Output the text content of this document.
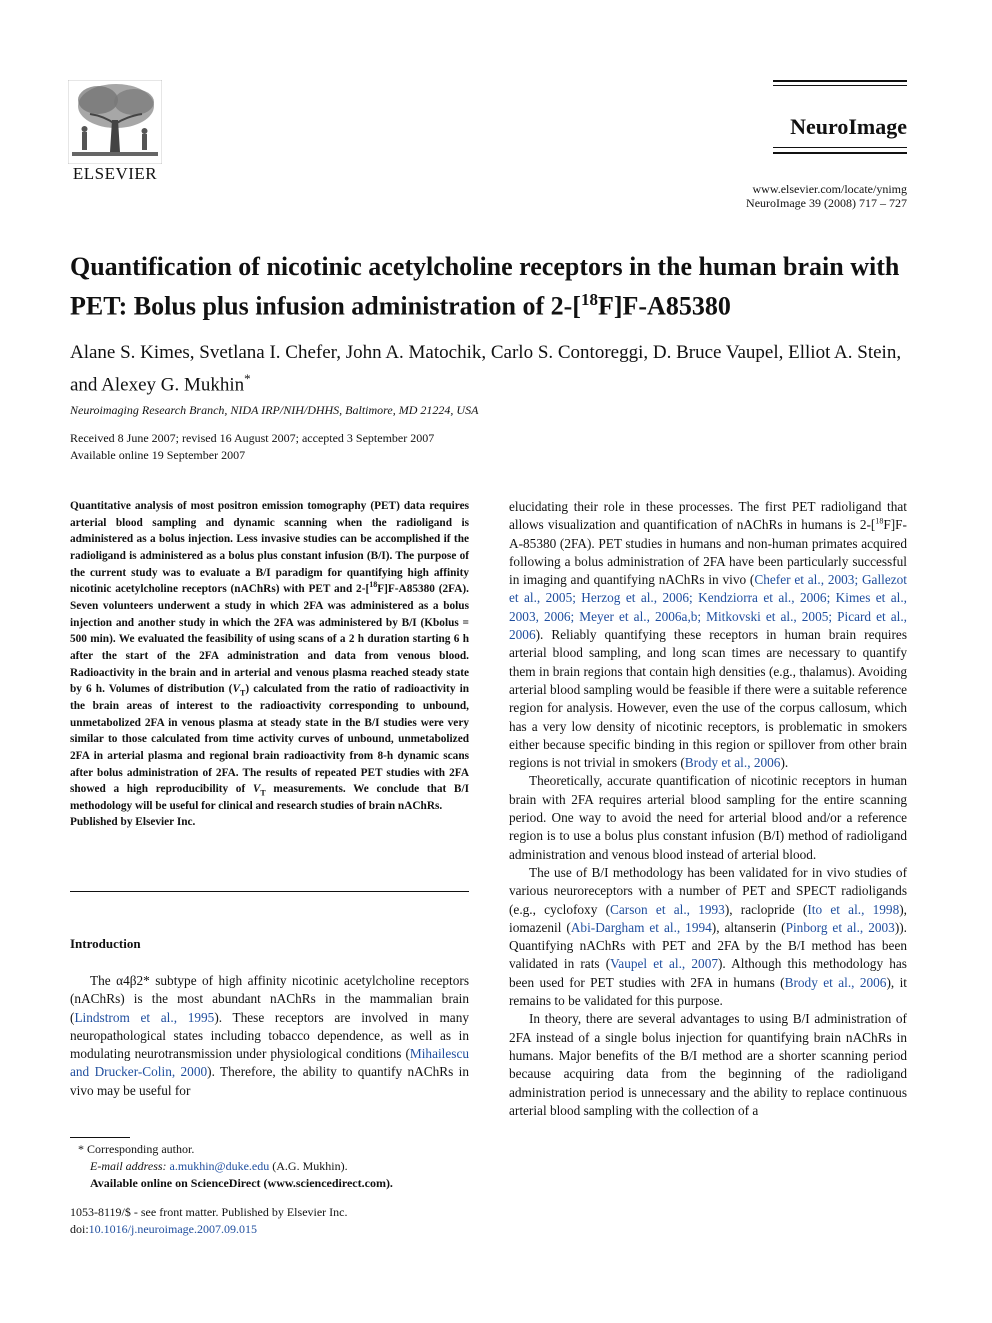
ELSEVIER
NeuroImage
www.elsevier.com/locate/ynimg
NeuroImage 39 (2008) 717 – 727
Quantification of nicotinic acetylcholine receptors in the human brain with PET: Bolus plus infusion administration of 2-[$^{18}$F]F-A85380
Alane S. Kimes, Svetlana I. Chefer, John A. Matochik, Carlo S. Contoreggi, D. Bruce Vaupel, Elliot A. Stein, and Alexey G. Mukhin*
Neuroimaging Research Branch, NIDA IRP/NIH/DHHS, Baltimore, MD 21224, USA
Received 8 June 2007; revised 16 August 2007; accepted 3 September 2007
Available online 19 September 2007
Quantitative analysis of most positron emission tomography (PET) data requires arterial blood sampling and dynamic scanning when the radioligand is administered as a bolus injection. Less invasive studies can be accomplished if the radioligand is administered as a bolus plus constant infusion (B/I). The purpose of the current study was to evaluate a B/I paradigm for quantifying high affinity nicotinic acetylcholine receptors (nAChRs) with PET and 2-[$^{18}$F]F-A85380 (2FA). Seven volunteers underwent a study in which 2FA was administered as a bolus injection and another study in which the 2FA was administered by B/I (Kbolus = 500 min). We evaluated the feasibility of using scans of a 2 h duration starting 6 h after the start of the 2FA administration and data from venous blood. Radioactivity in the brain and in arterial and venous plasma reached steady state by 6 h. Volumes of distribution $(V_T)$ calculated from the ratio of radioactivity in the brain areas of interest to the radioactivity corresponding to unbound, unmetabolized 2FA in venous plasma at steady state in the B/I studies were very similar to those calculated from time activity curves of unbound, unmetabolized 2FA in arterial plasma and regional brain radioactivity from 8-h dynamic scans after bolus administration of 2FA. The results of repeated PET studies with 2FA showed a high reproducibility of $V_T$ measurements. We conclude that B/I methodology will be useful for clinical and research studies of brain nAChRs.
Published by Elsevier Inc.
Introduction
The α4β2* subtype of high affinity nicotinic acetylcholine receptors (nAChRs) is the most abundant nAChRs in the mammalian brain (Lindstrom et al., 1995). These receptors are involved in many neuropathological states including tobacco dependence, as well as in modulating neurotransmission under physiological conditions (Mihailescu and Drucker-Colin, 2000). Therefore, the ability to quantify nAChRs in vivo may be useful for
* Corresponding author.
E-mail address: a.mukhin@duke.edu (A.G. Mukhin).
Available online on ScienceDirect (www.sciencedirect.com).
1053-8119/$ - see front matter. Published by Elsevier Inc.
doi:10.1016/j.neuroimage.2007.09.015

elucidating their role in these processes. The first PET radioligand that allows visualization and quantification of nAChRs in humans is 2-[$^{18}$F]F-A-85380 (2FA). PET studies in humans and non-human primates acquired following a bolus administration of 2FA have been particularly successful in imaging and quantifying nAChRs in vivo (Chefer et al., 2003; Gallezot et al., 2005; Herzog et al., 2006; Kendziorra et al., 2006; Kimes et al., 2003, 2006; Meyer et al., 2006a,b; Mitkovski et al., 2005; Picard et al., 2006). Reliably quantifying these receptors in human brain requires arterial blood sampling, and long scan times are necessary to quantify them in brain regions that contain high densities (e.g., thalamus). Avoiding arterial blood sampling would be feasible if there were a suitable reference region for analysis. However, even the use of the corpus callosum, which has a very low density of nicotinic receptors, is problematic in smokers either because specific binding in this region or spillover from other brain regions is not trivial in smokers (Brody et al., 2006).

Theoretically, accurate quantification of nicotinic receptors in human brain with 2FA requires arterial blood sampling for the entire scanning period. One way to avoid the need for arterial blood and/or a reference region is to use a bolus plus constant infusion (B/I) method of radioligand administration and venous blood instead of arterial blood.

The use of B/I methodology has been validated for in vivo studies of various neuroreceptors with a number of PET and SPECT radioligands (e.g., cyclofoxy (Carson et al., 1993), raclopride (Ito et al., 1998), iomazenil (Abi-Dargham et al., 1994), altanserin (Pinborg et al., 2003)). Quantifying nAChRs with PET and 2FA by the B/I method has been validated in rats (Vaupel et al., 2007). Although this methodology has been used for PET studies with 2FA in humans (Brody et al., 2006), it remains to be validated for this purpose.

In theory, there are several advantages to using B/I administration of 2FA instead of a single bolus injection for quantifying brain nAChRs in humans. Major benefits of the B/I method are a shorter scanning period because acquiring data from the beginning of the radioligand administration period is unnecessary and the ability to replace continuous arterial blood sampling with the collection of a
